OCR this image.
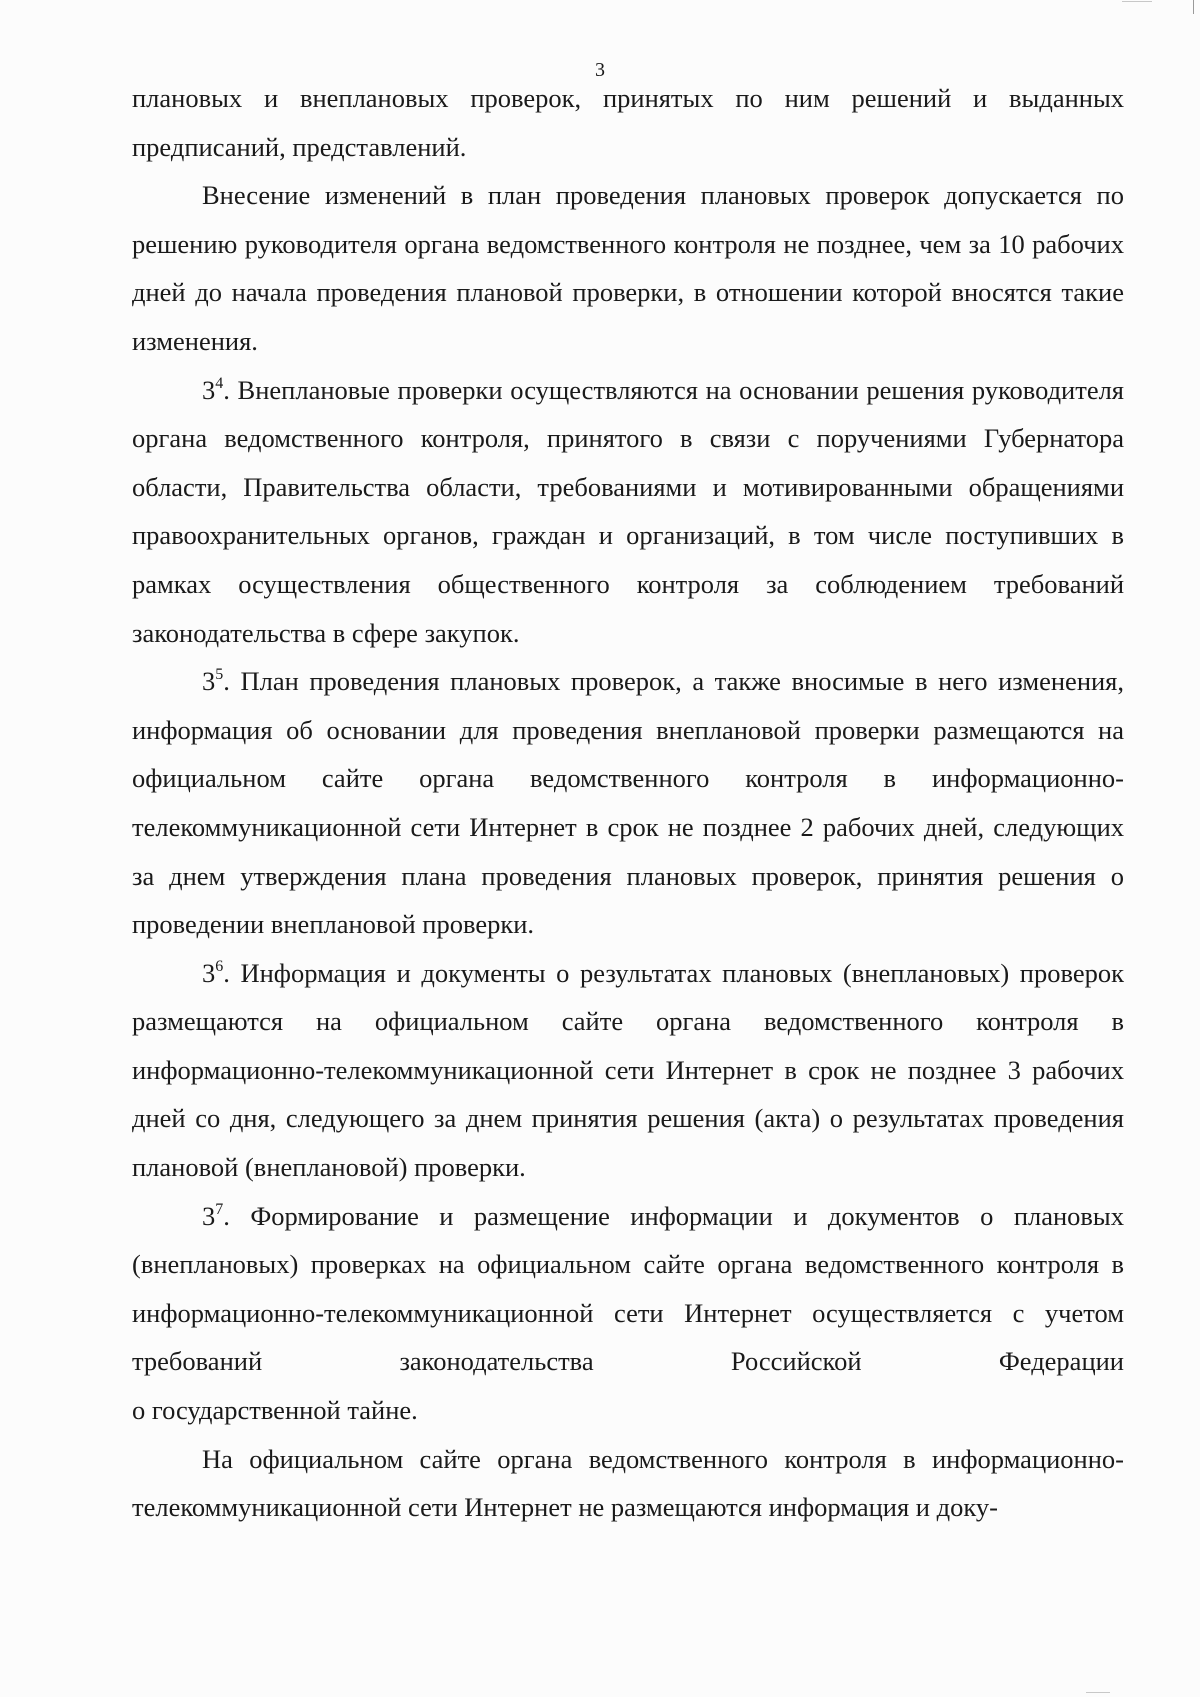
3

плановых и внеплановых проверок, принятых по ним решений и выданных предписаний, представлений.

Внесение изменений в план проведения плановых проверок допускается по решению руководителя органа ведомственного контроля не позднее, чем за 10 рабочих дней до начала проведения плановой проверки, в отношении которой вносятся такие изменения.

$3^4$. Внеплановые проверки осуществляются на основании решения руководителя органа ведомственного контроля, принятого в связи с поручениями Губернатора области, Правительства области, требованиями и мотивированными обращениями правоохранительных органов, граждан и организаций, в том числе поступивших в рамках осуществления общественного контроля за соблюдением требований законодательства в сфере закупок.

$3^5$. План проведения плановых проверок, а также вносимые в него изменения, информация об основании для проведения внеплановой проверки размещаются на официальном сайте органа ведомственного контроля в информационно-телекоммуникационной сети Интернет в срок не позднее 2 рабочих дней, следующих за днем утверждения плана проведения плановых проверок, принятия решения о проведении внеплановой проверки.

$3^6$. Информация и документы о результатах плановых (внеплановых) проверок размещаются на официальном сайте органа ведомственного контроля в информационно-телекоммуникационной сети Интернет в срок не позднее 3 рабочих дней со дня, следующего за днем принятия решения (акта) о результатах проведения плановой (внеплановой) проверки.

$3^7$. Формирование и размещение информации и документов о плановых (внеплановых) проверках на официальном сайте органа ведомственного контроля в информационно-телекоммуникационной сети Интернет осуществляется с учетом требований законодательства Российской Федерации

о государственной тайне.

На официальном сайте органа ведомственного контроля в информационно-телекоммуникационной сети Интернет не размещаются информация и доку-
